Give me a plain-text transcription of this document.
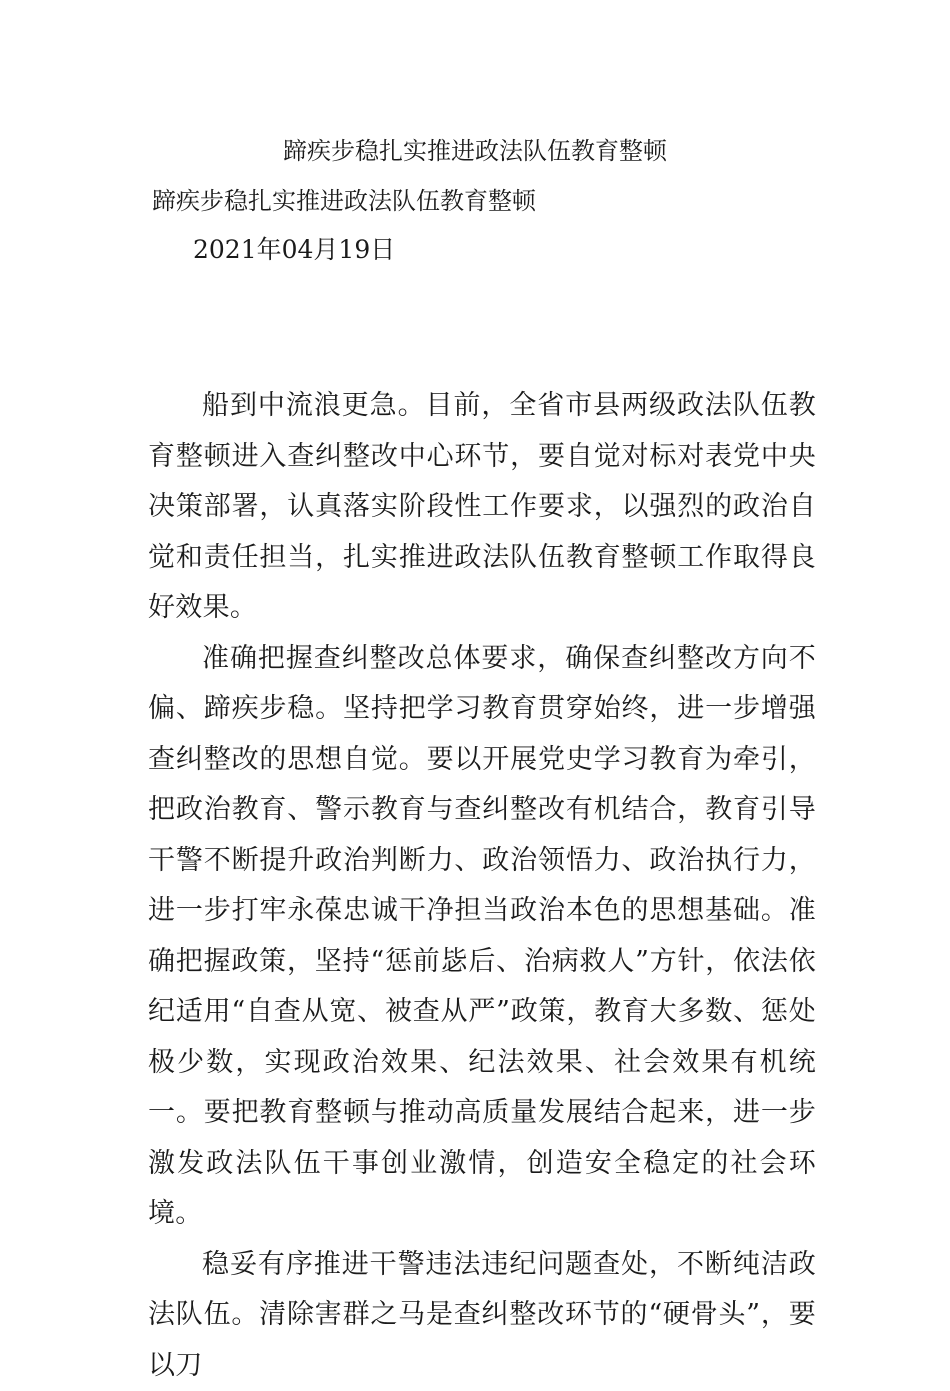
蹄疾步稳扎实推进政法队伍教育整顿
蹄疾步稳扎实推进政法队伍教育整顿
2021年04月19日

船到中流浪更急。目前，全省市县两级政法队伍教育整顿进入查纠整改中心环节，要自觉对标对表党中央决策部署，认真落实阶段性工作要求，以强烈的政治自觉和责任担当，扎实推进政法队伍教育整顿工作取得良好效果。

准确把握查纠整改总体要求，确保查纠整改方向不偏、蹄疾步稳。坚持把学习教育贯穿始终，进一步增强查纠整改的思想自觉。要以开展党史学习教育为牵引，把政治教育、警示教育与查纠整改有机结合，教育引导干警不断提升政治判断力、政治领悟力、政治执行力，进一步打牢永葆忠诚干净担当政治本色的思想基础。准确把握政策，坚持“惩前毖后、治病救人”方针，依法依纪适用“自查从宽、被查从严”政策，教育大多数、惩处极少数，实现政治效果、纪法效果、社会效果有机统一。要把教育整顿与推动高质量发展结合起来，进一步激发政法队伍干事创业激情，创造安全稳定的社会环境。

稳妥有序推进干警违法违纪问题查处，不断纯洁政法队伍。清除害群之马是查纠整改环节的“硬骨头”，要以刀
